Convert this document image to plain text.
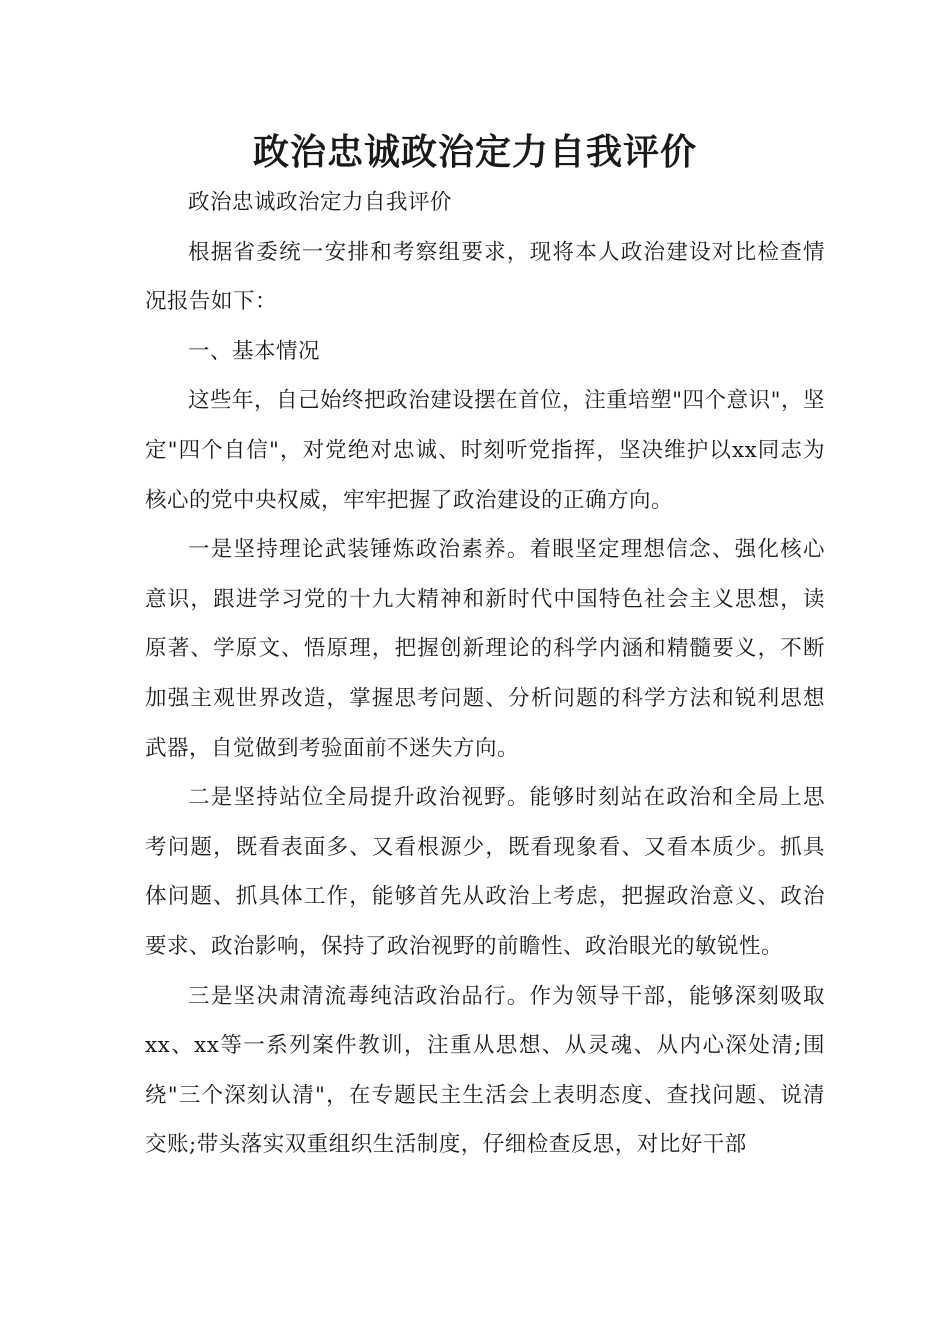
政治忠诚政治定力自我评价

政治忠诚政治定力自我评价

根据省委统一安排和考察组要求，现将本人政治建设对比检查情况报告如下：

一、基本情况

这些年，自己始终把政治建设摆在首位，注重培塑"四个意识"，坚定"四个自信"，对党绝对忠诚、时刻听党指挥，坚决维护以xx同志为核心的党中央权威，牢牢把握了政治建设的正确方向。

一是坚持理论武装锤炼政治素养。着眼坚定理想信念、强化核心意识，跟进学习党的十九大精神和新时代中国特色社会主义思想，读原著、学原文、悟原理，把握创新理论的科学内涵和精髓要义，不断加强主观世界改造，掌握思考问题、分析问题的科学方法和锐利思想武器，自觉做到考验面前不迷失方向。

二是坚持站位全局提升政治视野。能够时刻站在政治和全局上思考问题，既看表面多、又看根源少，既看现象看、又看本质少。抓具体问题、抓具体工作，能够首先从政治上考虑，把握政治意义、政治要求、政治影响，保持了政治视野的前瞻性、政治眼光的敏锐性。

三是坚决肃清流毒纯洁政治品行。作为领导干部，能够深刻吸取xx、xx等一系列案件教训，注重从思想、从灵魂、从内心深处清;围绕"三个深刻认清"，在专题民主生活会上表明态度、查找问题、说清交账;带头落实双重组织生活制度，仔细检查反思，对比好干部
